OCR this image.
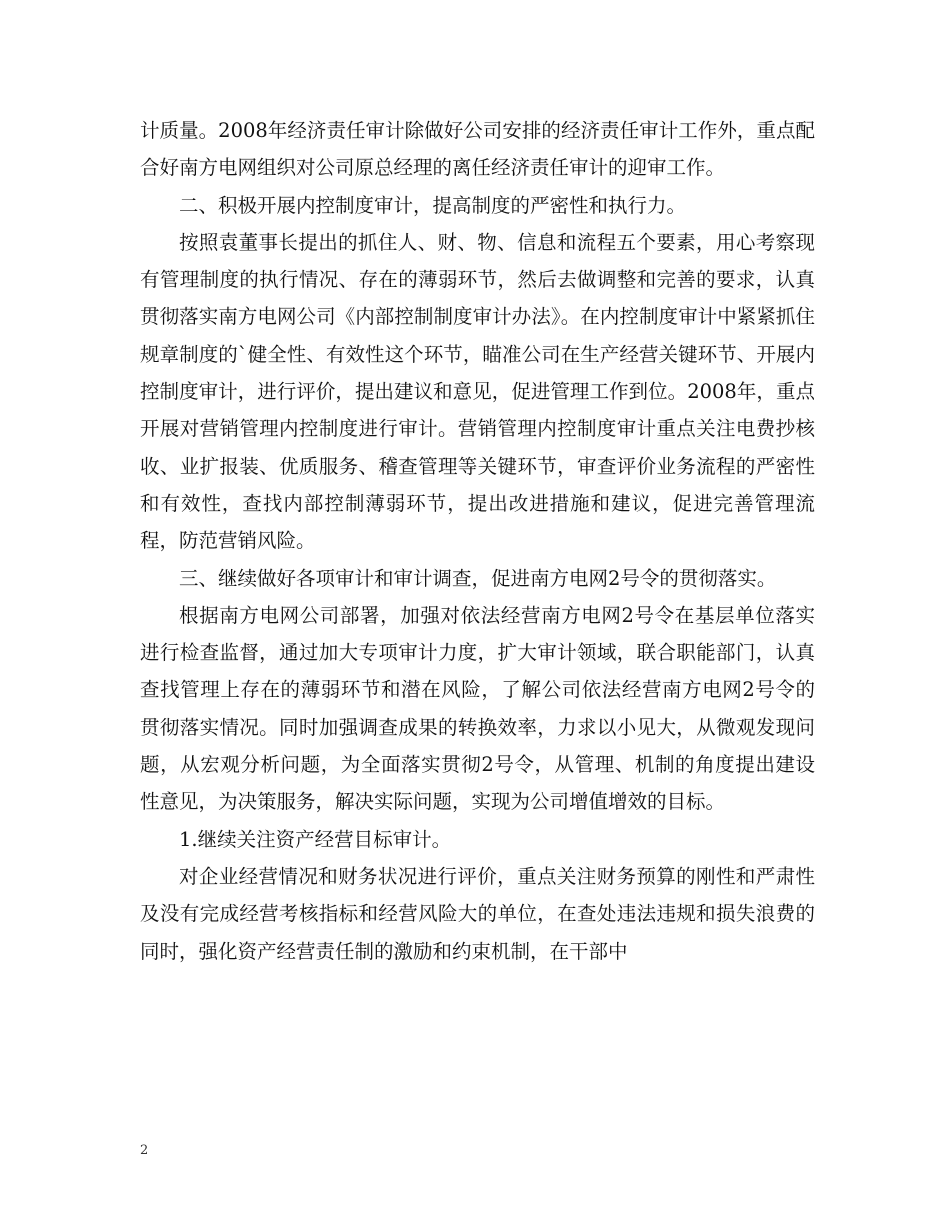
计质量。2008年经济责任审计除做好公司安排的经济责任审计工作外，重点配合好南方电网组织对公司原总经理的离任经济责任审计的迎审工作。

二、积极开展内控制度审计，提高制度的严密性和执行力。

按照袁董事长提出的抓住人、财、物、信息和流程五个要素，用心考察现有管理制度的执行情况、存在的薄弱环节，然后去做调整和完善的要求，认真贯彻落实南方电网公司《内部控制制度审计办法》。在内控制度审计中紧紧抓住规章制度的`健全性、有效性这个环节，瞄准公司在生产经营关键环节、开展内控制度审计，进行评价，提出建议和意见，促进管理工作到位。2008年，重点开展对营销管理内控制度进行审计。营销管理内控制度审计重点关注电费抄核收、业扩报装、优质服务、稽查管理等关键环节，审查评价业务流程的严密性和有效性，查找内部控制薄弱环节，提出改进措施和建议，促进完善管理流程，防范营销风险。

三、继续做好各项审计和审计调查，促进南方电网2号令的贯彻落实。

根据南方电网公司部署，加强对依法经营南方电网2号令在基层单位落实进行检查监督，通过加大专项审计力度，扩大审计领域，联合职能部门，认真查找管理上存在的薄弱环节和潜在风险，了解公司依法经营南方电网2号令的贯彻落实情况。同时加强调查成果的转换效率，力求以小见大，从微观发现问题，从宏观分析问题，为全面落实贯彻2号令，从管理、机制的角度提出建设性意见，为决策服务，解决实际问题，实现为公司增值增效的目标。

1.继续关注资产经营目标审计。

对企业经营情况和财务状况进行评价，重点关注财务预算的刚性和严肃性及没有完成经营考核指标和经营风险大的单位，在查处违法违规和损失浪费的同时，强化资产经营责任制的激励和约束机制，在干部中

2
